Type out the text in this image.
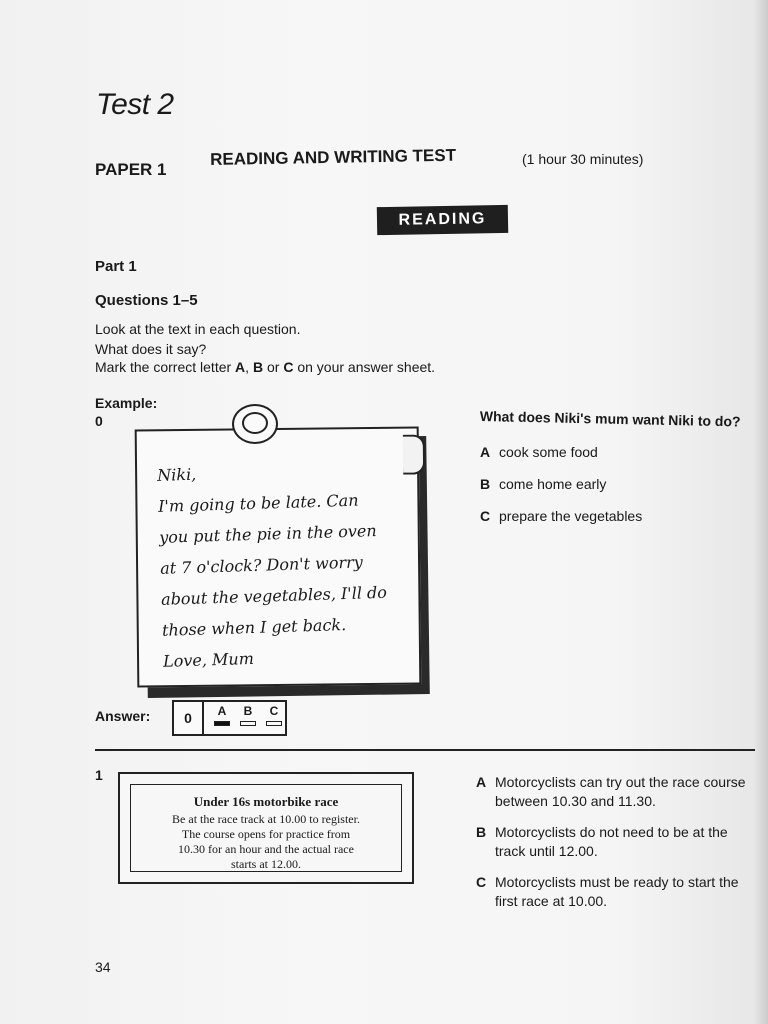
Test 2
PAPER 1
READING AND WRITING TEST	(1 hour 30 minutes)
READING
Part 1
Questions 1–5
Look at the text in each question.
What does it say?
Mark the correct letter A, B or C on your answer sheet.
Example:
0
Niki,
I'm going to be late. Can
you put the pie in the oven
at 7 o'clock? Don't worry
about the vegetables, I'll do
those when I get back.
Love, Mum
What does Niki's mum want Niki to do?
A cook some food
B come home early
C prepare the vegetables
Answer:	0	A	B	C
1
Under 16s motorbike race
Be at the race track at 10.00 to register.
The course opens for practice from
10.30 for an hour and the actual race
starts at 12.00.
A Motorcyclists can try out the race course between 10.30 and 11.30.
B Motorcyclists do not need to be at the track until 12.00.
C Motorcyclists must be ready to start the first race at 10.00.
34
